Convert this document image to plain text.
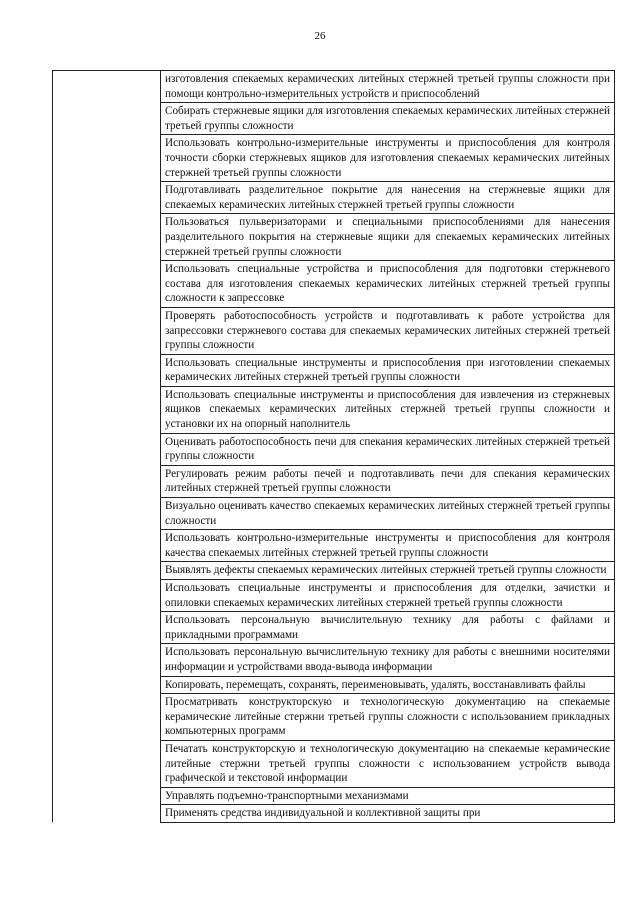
26

изготовления спекаемых керамических литейных стержней третьей группы сложности при помощи контрольно-измерительных устройств и приспособлений

Собирать стержневые ящики для изготовления спекаемых керамических литейных стержней третьей группы сложности

Использовать контрольно-измерительные инструменты и приспособления для контроля точности сборки стержневых ящиков для изготовления спекаемых керамических литейных стержней третьей группы сложности

Подготавливать разделительное покрытие для нанесения на стержневые ящики для спекаемых керамических литейных стержней третьей группы сложности

Пользоваться пульверизаторами и специальными приспособлениями для нанесения разделительного покрытия на стержневые ящики для спекаемых керамических литейных стержней третьей группы сложности

Использовать специальные устройства и приспособления для подготовки стержневого состава для изготовления спекаемых керамических литейных стержней третьей группы сложности к запрессовке

Проверять работоспособность устройств и подготавливать к работе устройства для запрессовки стержневого состава для спекаемых керамических литейных стержней третьей группы сложности

Использовать специальные инструменты и приспособления при изготовлении спекаемых керамических литейных стержней третьей группы сложности

Использовать специальные инструменты и приспособления для извлечения из стержневых ящиков спекаемых керамических литейных стержней третьей группы сложности и установки их на опорный наполнитель

Оценивать работоспособность печи для спекания керамических литейных стержней третьей группы сложности

Регулировать режим работы печей и подготавливать печи для спекания керамических литейных стержней третьей группы сложности

Визуально оценивать качество спекаемых керамических литейных стержней третьей группы сложности

Использовать контрольно-измерительные инструменты и приспособления для контроля качества спекаемых литейных стержней третьей группы сложности

Выявлять дефекты спекаемых керамических литейных стержней третьей группы сложности

Использовать специальные инструменты и приспособления для отделки, зачистки и опиловки спекаемых керамических литейных стержней третьей группы сложности

Использовать персональную вычислительную технику для работы с файлами и прикладными программами

Использовать персональную вычислительную технику для работы с внешними носителями информации и устройствами ввода-вывода информации

Копировать, перемещать, сохранять, переименовывать, удалять, восстанавливать файлы

Просматривать конструкторскую и технологическую документацию на спекаемые керамические литейные стержни третьей группы сложности с использованием прикладных компьютерных программ

Печатать конструкторскую и технологическую документацию на спекаемые керамические литейные стержни третьей группы сложности с использованием устройств вывода графической и текстовой информации

Управлять подъемно-транспортными механизмами

Применять средства индивидуальной и коллективной защиты при
